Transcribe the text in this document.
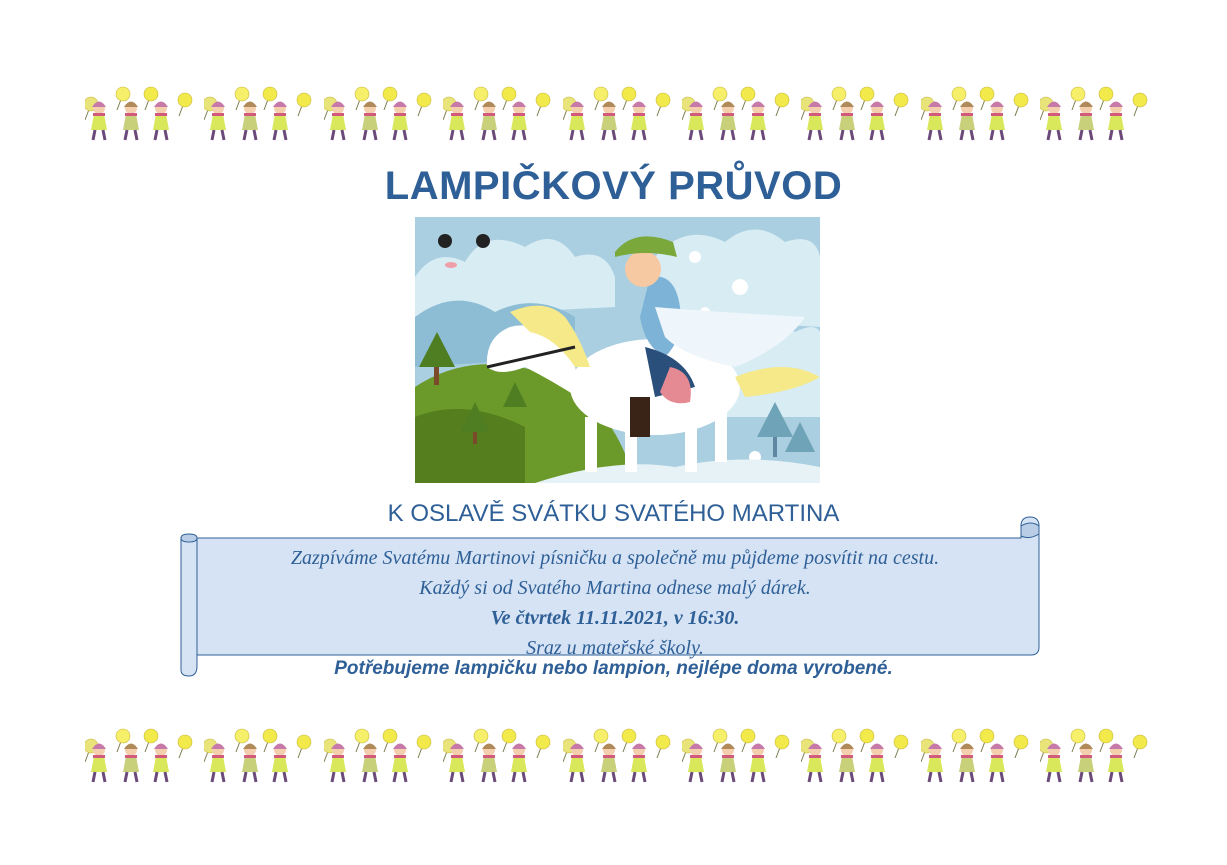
LAMPIČKOVÝ PRŮVOD
K OSLAVĚ SVÁTKU SVATÉHO MARTINA
Zazpíváme Svatému Martinovi písničku a společně mu půjdeme posvítit na cestu.
Každý si od Svatého Martina odnese malý dárek.
Ve čtvrtek 11.11.2021, v 16:30.
Sraz u mateřské školy.
Potřebujeme lampičku nebo lampion, nejlépe doma vyrobené.
